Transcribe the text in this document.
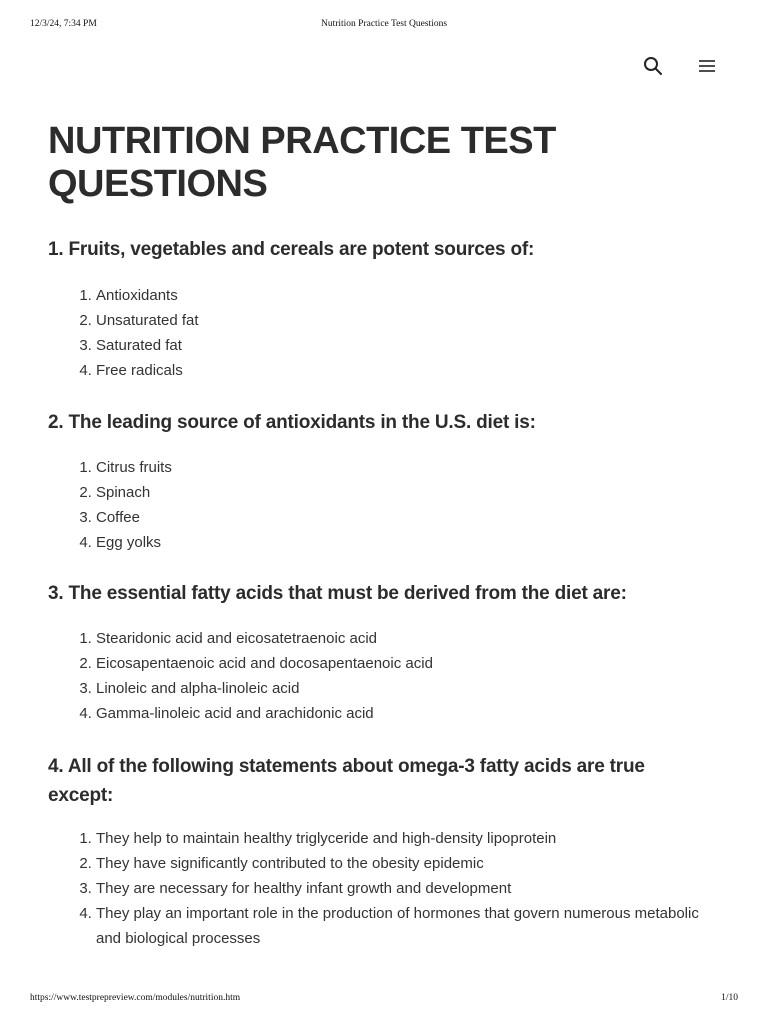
12/3/24, 7:34 PM	Nutrition Practice Test Questions
NUTRITION PRACTICE TEST QUESTIONS
1. Fruits, vegetables and cereals are potent sources of:
1. Antioxidants
2. Unsaturated fat
3. Saturated fat
4. Free radicals
2. The leading source of antioxidants in the U.S. diet is:
1. Citrus fruits
2. Spinach
3. Coffee
4. Egg yolks
3. The essential fatty acids that must be derived from the diet are:
1. Stearidonic acid and eicosatetraenoic acid
2. Eicosapentaenoic acid and docosapentaenoic acid
3. Linoleic and alpha-linoleic acid
4. Gamma-linoleic acid and arachidonic acid
4. All of the following statements about omega-3 fatty acids are true except:
1. They help to maintain healthy triglyceride and high-density lipoprotein
2. They have significantly contributed to the obesity epidemic
3. They are necessary for healthy infant growth and development
4. They play an important role in the production of hormones that govern numerous metabolic and biological processes
https://www.testprepreview.com/modules/nutrition.htm	1/10
